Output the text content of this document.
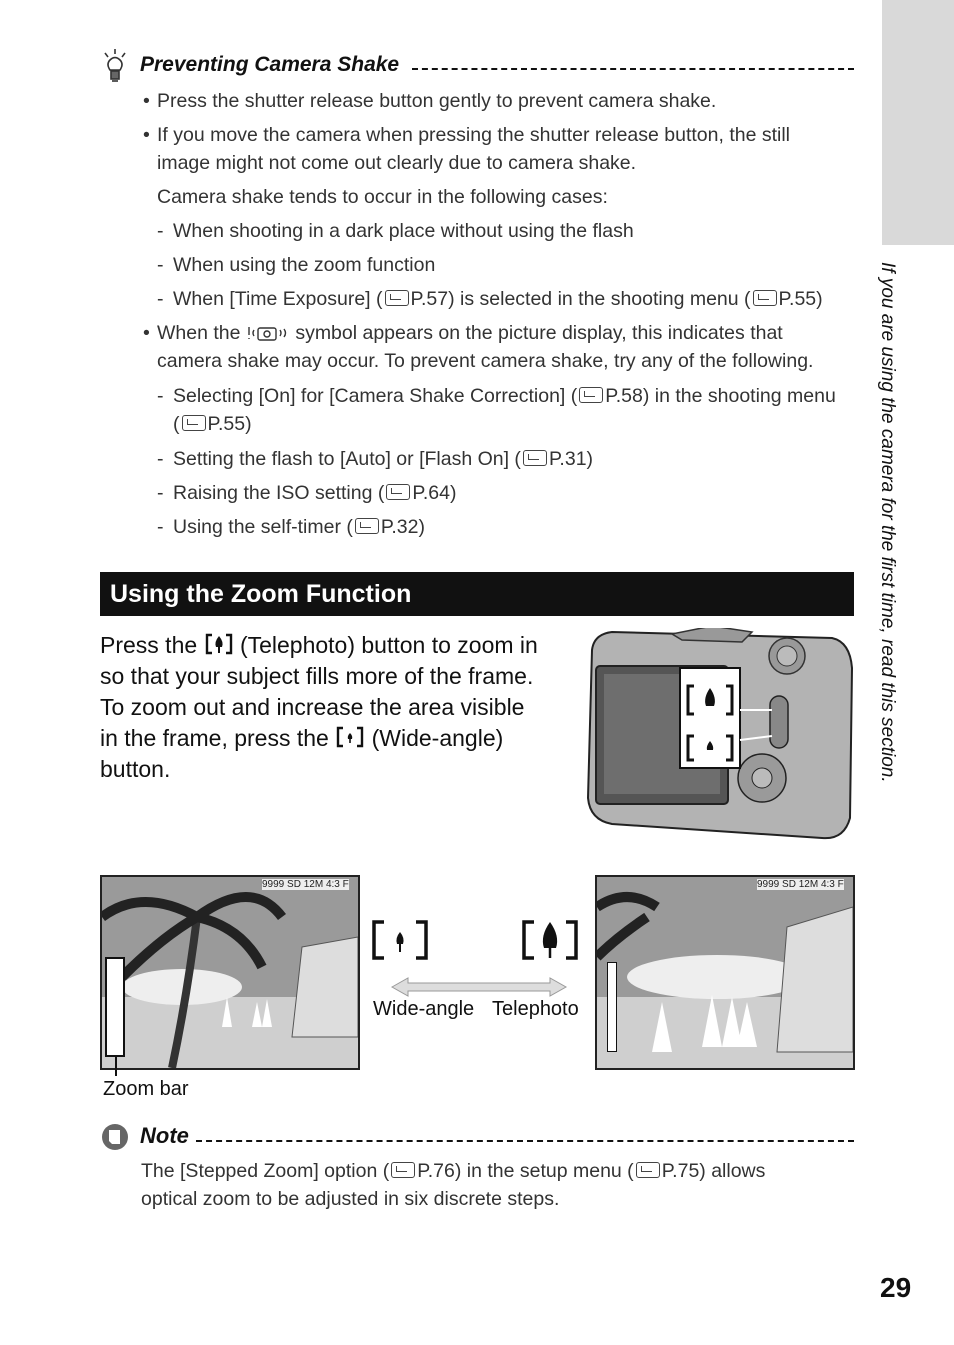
If you are using the camera for the first time, read this section.
Preventing Camera Shake
• Press the shutter release button gently to prevent camera shake.
• If you move the camera when pressing the shutter release button, the still
image might not come out clearly due to camera shake.
Camera shake tends to occur in the following cases:
- When shooting in a dark place without using the flash
- When using the zoom function
- When [Time Exposure] ( P.57) is selected in the shooting menu ( P.55)
• When the	symbol appears on the picture display, this indicates that
camera shake may occur. To prevent camera shake, try any of the following.
- Selecting [On] for [Camera Shake Correction] ( P.58) in the shooting menu
( P.55)
- Setting the flash to [Auto] or [Flash On] ( P.31)
- Raising the ISO setting ( P.64)
- Using the self-timer ( P.32)
Using the Zoom Function
Press the (Telephoto) button to zoom in
so that your subject fills more of the frame.
To zoom out and increase the area visible
in the frame, press the (Wide-angle)
button.
9999 SD 12M 4:3 F
Zoom bar
Wide-angle Telephoto
9999 SD 12M 4:3 F
Note
The [Stepped Zoom] option ( P.76) in the setup menu ( P.75) allows
optical zoom to be adjusted in six discrete steps.
29
